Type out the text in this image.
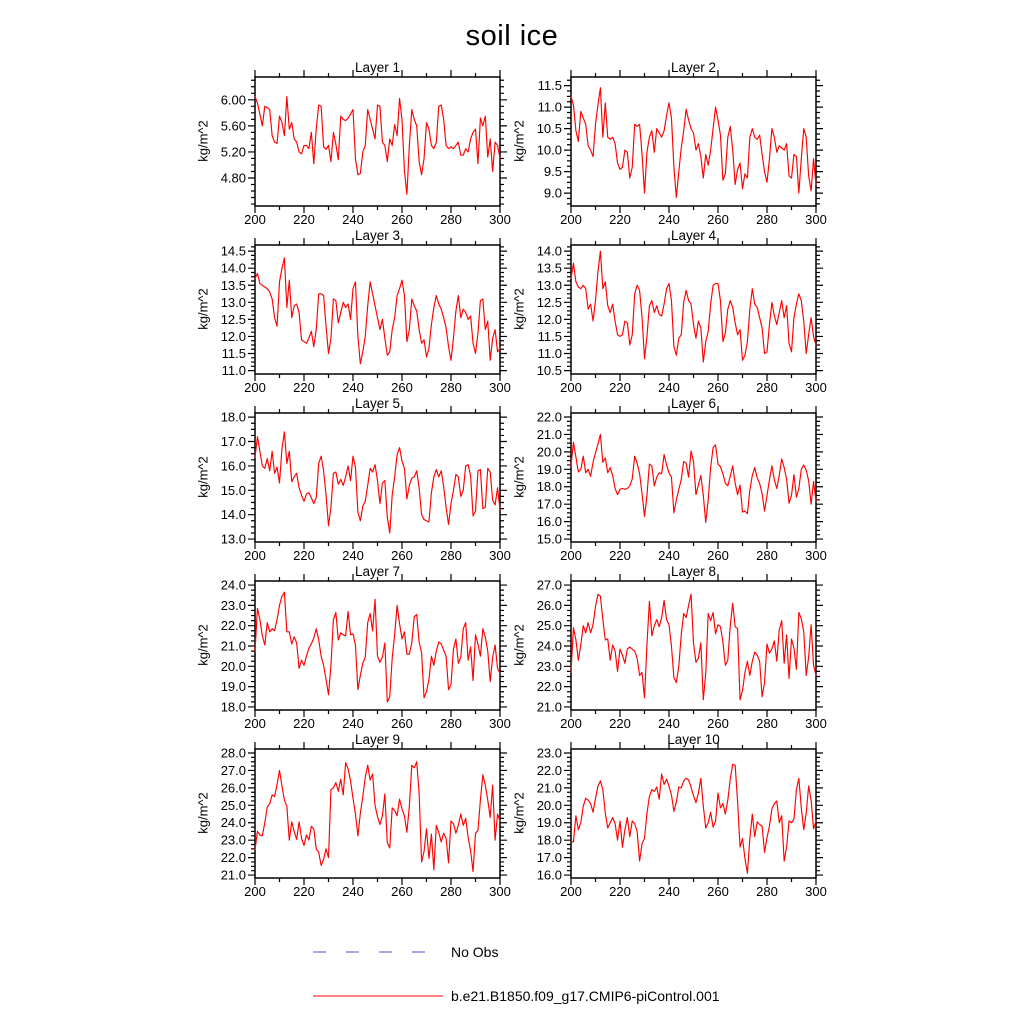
soil ice
200 220 240 260 280 300
4.80
5.20
5.60
6.00
Layer 1
kg/m^2
200 220 240 260 280 300
9.0
9.5
10.0
10.5
11.0
11.5
Layer 2
kg/m^2
200 220 240 260 280 300
11.0
11.5
12.0
12.5
13.0
13.5
14.0
14.5
Layer 3
kg/m^2
200 220 240 260 280 300
10.5
11.0
11.5
12.0
12.5
13.0
13.5
14.0
Layer 4
kg/m^2
200 220 240 260 280 300
13.0
14.0
15.0
16.0
17.0
18.0
Layer 5
kg/m^2
200 220 240 260 280 300
15.0
16.0
17.0
18.0
19.0
20.0
21.0
22.0
Layer 6
kg/m^2
200 220 240 260 280 300
18.0
19.0
20.0
21.0
22.0
23.0
24.0
Layer 7
kg/m^2
200 220 240 260 280 300
21.0
22.0
23.0
24.0
25.0
26.0
27.0
Layer 8
kg/m^2
200 220 240 260 280 300
21.0
22.0
23.0
24.0
25.0
26.0
27.0
28.0
Layer 9
kg/m^2
200 220 240 260 280 300
16.0
17.0
18.0
19.0
20.0
21.0
22.0
23.0
Layer 10
kg/m^2
No Obs
b.e21.B1850.f09_g17.CMIP6-piControl.001
